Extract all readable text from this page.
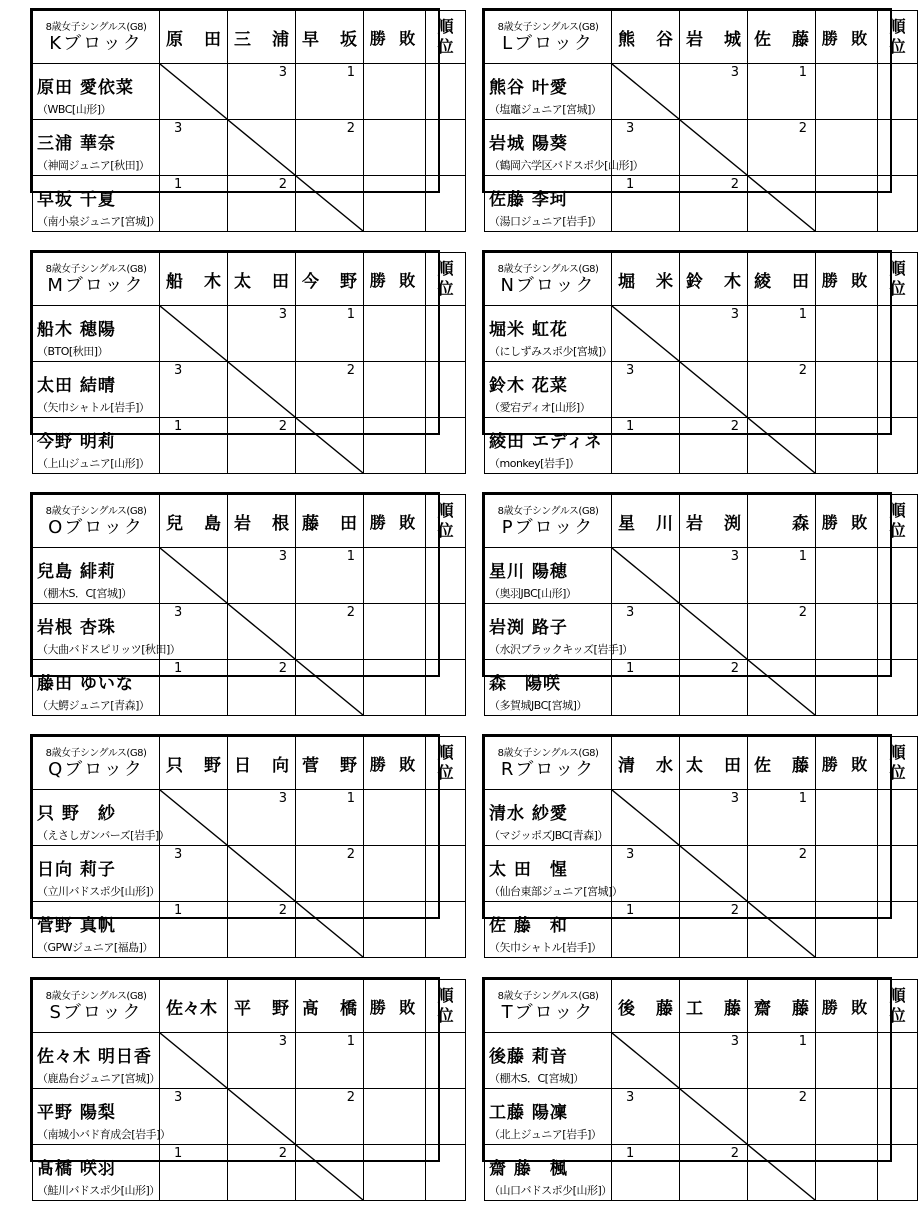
8歳女子シングルス(G8)
Kブロック	原 田	三 浦	早 坂	勝 敗	順
位

原田 愛依菜
（WBC[山形]）		3	1		

三浦 華奈
（神岡ジュニア[秋田]）	3		2		

早坂 千夏
（南小泉ジュニア[宮城]）	1	2

8歳女子シングルス(G8)
Lブロック	熊 谷	岩 城	佐 藤	勝 敗	順
位

熊谷 叶愛
（塩竈ジュニア[宮城]）		3	1		

岩城 陽葵
（鶴岡六学区バドスポ少[山形]）	3		2		

佐藤 李珂
（湯口ジュニア[岩手]）	1	2

8歳女子シングルス(G8)
Mブロック	船 木	太 田	今 野	勝 敗	順
位

船木 穂陽
（BTO[秋田]）		3	1		

太田 結晴
（矢巾シャトル[岩手]）	3		2		

今野 明莉
（上山ジュニア[山形]）	1	2

8歳女子シングルス(G8)
Nブロック	堀 米	鈴 木	綾 田	勝 敗	順
位

堀米 虹花
（にしずみスポ少[宮城]）		3	1		

鈴木 花菜
（愛宕ディオ[山形]）	3		2		

綾田 エディネ
（monkey[岩手]）	1	2

8歳女子シングルス(G8)
Oブロック	兒 島	岩 根	藤 田	勝 敗	順
位

兒島 緋莉
（棚木S．C[宮城]）		3	1		

岩根 杏珠
（大曲バドスピリッツ[秋田]）	3		2		

藤田 ゆいな
（大鰐ジュニア[青森]）	1	2

8歳女子シングルス(G8)
Pブロック	星 川	岩 渕	森	勝 敗	順
位

星川 陽穂
（奥羽JBC[山形]）		3	1		

岩渕 路子
（水沢ブラックキッズ[岩手]）	3		2		

森　陽咲
（多賀城JBC[宮城]）	1	2

8歳女子シングルス(G8)
Qブロック	只 野	日 向	菅 野	勝 敗	順
位

只 野　紗
（えさしガンバーズ[岩手]）		3	1		

日向 莉子
（立川バドスポ少[山形]）	3		2		

菅野 真帆
（GPWジュニア[福島]）	1	2

8歳女子シングルス(G8)
Rブロック	清 水	太 田	佐 藤	勝 敗	順
位

清水 紗愛
（マジッポズJBC[青森]）		3	1		

太 田　惺
（仙台東部ジュニア[宮城]）	3		2		

佐 藤　和
（矢巾シャトル[岩手]）	1	2

8歳女子シングルス(G8)
Sブロック	佐々木	平 野	髙 橋	勝 敗	順
位

佐々木 明日香
（鹿島台ジュニア[宮城]）		3	1		

平野 陽梨
（南城小バド育成会[岩手]）	3		2		

髙橋 咲羽
（鮭川バドスポ少[山形]）	1	2

8歳女子シングルス(G8)
Tブロック	後 藤	工 藤	齋 藤	勝 敗	順
位

後藤 莉音
（棚木S．C[宮城]）		3	1		

工藤 陽凜
（北上ジュニア[岩手]）	3		2		

齋 藤　楓
（山口バドスポ少[山形]）	1	2
